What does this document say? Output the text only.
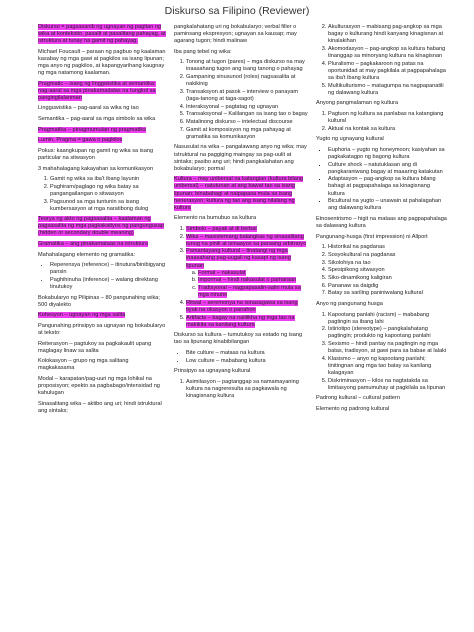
Diskurso sa Filipino (Reviewer)

Diskurso = pagsasanib ng ugnayan ng pagitan ng wika at kontekstio, pasalit at pasalitang pahayag, at istruktura at tunay na gamit ng pahayag.

Michael Foucault – paraan ng pagbuo ng kaalaman kasabay ng mga gawi at pagkilos sa isang lipunan; mga anyo ng pagkilos, at kapangyarihang kaugnay ng mga natamong kaalaman.

Pragmatic – isang ng linggwistika at semantika: nag-aaral sa mga pinakamadalas na tungkol sa pangingilalanman

Lingguwistika – pag-aaral sa wika ng tao

Semantika – pag-aaral sa mga simbolo sa wika

Pragmatika – pinagmumulan ng pragmatiks

Lumin, Pragma = gawa o pagkilos

Pokus: kaangkupan ng gamit ng wika sa isang particular na sitwasyon

3 mahahalagang kakayahan sa komunikasyon

1. Gamit ng wika sa iba't ibang layunin
2. Paghiram/paglago ng wika batay sa pangangailangan o sitwasyon
3. Pagsunod sa mga tuntunin sa isang kumbersasyon at mga naratibong dulog

Teorya ng akto ng pagsasalita – kaalaman ng pagsasalita ng mga pagkakatiyos ng pangungusap (hidden or secondary double meaning)

Gramatika – ang pinakamataas na istruktura

Mahahalagang elemento ng gramatika:

• Reperensya (reference) – itinutura/binibigyang pansin
• Paghihinuha (inference) – walang direktang tinutukoy

Bokabularyo ng Pilipinas – 80 pangunahing wika; 500 diyalekto

Kohesyon – ugnayan ng mga salita

Pangunahing prinsipyo sa ugnayan ng bokabularyo at teksto:

Reiterasyon – pagtukoy sa pagkakaulit upang maglagay linaw sa salita

Kolokasyon – grupo ng mga salitang magkakasama

Modal – karapatan/pag-uuri ng mga lohikal na proposisyon; epekto sa pagbabago/intensidad ng kahulugan

Sinasalitang wika – aktibo ang uri; hindi istruktural ang sintaks;

pangkalahatang uri ng bokabularyo; verbal filler o paminsang ekspresyon; ugnayan sa kausap; may agarang tugon; hindi malinaw

Iba pang tebel ng wika:

1. Tonong at tugon (pares) – mga diskurso na may inaasahang tugon ang isang tanong o pahayag
2. Gampaning sinusunod (roles) nagsasalita at nakikinig
3. Transaksyon at pasok – interview o panayam (taga-tanong at taga-sagot)
4. Interaksyonal – pagtatag ng ugnayan
5. Transaksyonal – Kalilangan sa isang tao o bagay
6. Matalinong diskurso – intelectual discourse
7. Gamit at komposisyon ng mga pahayag at gramatika sa komunikasyon

Nasusulat na wika – pangalawang anyo ng wika; may istruktural na paggiging maingay sa pag-uulit at sintaks; pasibo ang uri; hindi pangkalahatan ang bokabularyo; pormal

Kultura – may unibersal na katangian (kultura bilang unibersal) – natutunan at ang bawat tao sa isang lipunan; binabahagi at naipapasa mula sa isang henerasyon; kultura ng tao ang isang nilalang ng kultura

Elemento na bumubuo sa kultura

1. Simbolo – payak at di berbal
2. Wika – masistemang balangkas ng sinasalitang tunog na pinili at isinaayos sa paraang arbitraryo
3. Pamantayang kultural – tinatangi ng mga inaasahang pag-uugali ng kasapi ng isang lipunan
a. Formal – nakasulat
b. Impormal – hindi nakasulat o pamaraan
c. Tradisyonal – nagpapasalin-salin mula sa mga ninuno
4. Ritwal – seremonya na isinasagawa sa isang tiyak na okasyon o panahon
5. Artifacts – bagay na nalilikha ng mga tao na makikita sa kanilang kultura

Diskurso sa kultura – tumutukoy sa estado ng isang tao sa lipunang kinabibilangan

• Bite culture – mataas na kultura
• Low culture – mababang kultura

Prinsipyo sa ugnayang kultural

1. Asimilasyon – pagtanggap sa namamayaning kultura na nagreresulta sa pagkawala ng kinagisnang kultura
2. Akulturasyon – mabisang pag-angkop sa mga bagay o kulturang hindi kanyang kinagisnan at kinalakihan
3. Akomodasyon – pag-angkop sa kultura habang tinanggap sa minoryang kultura na kinagisnan
4. Pluralismo – pagkakaroon ng patas na oportunidad at may pagkilala at pagpapahalaga sa iba't ibang kultura
5. Multikulturismo – matagumpa na nagpapanatili ng dalawang kultura

Anyong pangmalaman ng kultura

1. Pagtuon ng kultura sa panlabas na katangiang kultural
2. Aktual na kontak sa kultura

Yugto ng ugnayang kultural

▪ Euphoria – yugto ng honeymoon; kasiyahan sa pagkakatagpo ng bagong kultura
▪ Culture shock – natutuklasan ang di pangkaraniwang bagay at maaaring katakutan
▪ Adaptasyon – pag-angkop sa kultura bilang bahagi at pagpapahalaga sa kinagisnang kultura
▪ Bicultural na yugto – unawain at pahalagahan ang dalawang kultura

Etnosentrismo – higit na mataas ang pagpapahalaga sa dalawang kultura

Pangunang-husga (first impression) ni Allport

1. Historikal na pagdanas
2. Sosyokultural na pagdanas
3. Sikolohiya na tao
4. Spesipikong sitwasyon
5. Siko-dinamikong kaligiran
6. Pananaw sa daigdig
7. Batay sa sariling paniniwalang kultural

Anyo ng pangunang husga

1. Kapootang panlahi (racism) – mababang pagtingin sa ibang lahi
2. Istiriotipo (stereotype) – pangkalahatang pagtingin; produkto ng kapootang panlahi
3. Sexismo – hindi pantay na pagtingin ng mga batas, tradisyon, at gawi para sa babae at lalaki
4. Klasismo – anyo ng kapootang panlahi; tinitingnan ang mga tao batay sa kanilang kalagayan
5. Diskriminasyon – kilos na nagtatakda sa limitasyong pamumuhay at pagkilala sa lipunan

Padrong kultural – cultural pattern

Elemento ng padrong kultural
